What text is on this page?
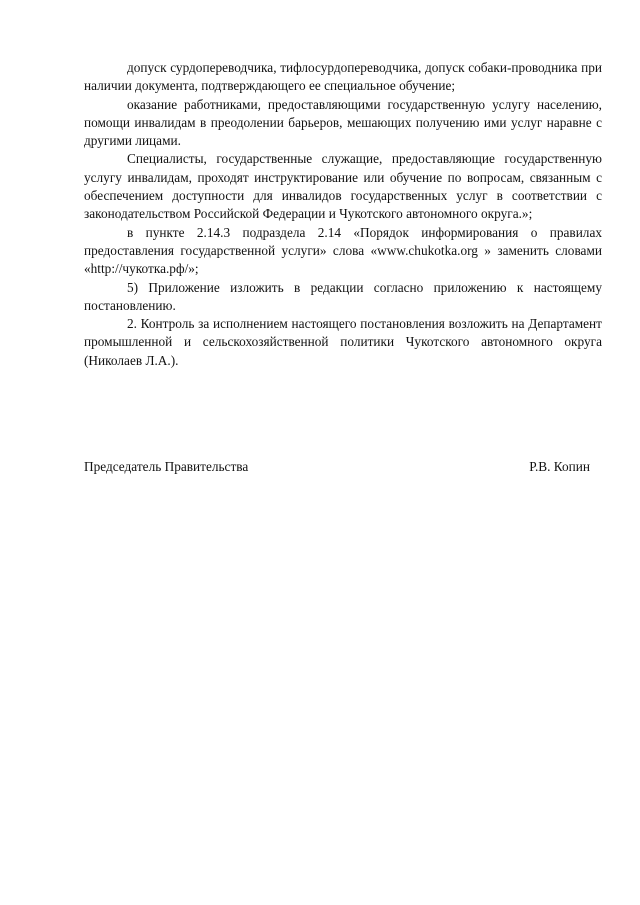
допуск сурдопереводчика, тифлосурдопереводчика, допуск собаки-проводника при наличии документа, подтверждающего ее специальное обучение;

оказание работниками, предоставляющими государственную услугу населению, помощи инвалидам в преодолении барьеров, мешающих получению ими услуг наравне с другими лицами.

Специалисты, государственные служащие, предоставляющие государственную услугу инвалидам, проходят инструктирование или обучение по вопросам, связанным с обеспечением доступности для инвалидов государственных услуг в соответствии с законодательством Российской Федерации и Чукотского автономного округа.»;

в пункте 2.14.3 подраздела 2.14 «Порядок информирования о правилах предоставления государственной услуги» слова «www.chukotka.org » заменить словами «http://чукотка.рф/»;

5) Приложение изложить в редакции согласно приложению к настоящему постановлению.

2. Контроль за исполнением настоящего постановления возложить на Департамент промышленной и сельскохозяйственной политики Чукотского автономного округа (Николаев Л.А.).

Председатель Правительства	Р.В. Копин
